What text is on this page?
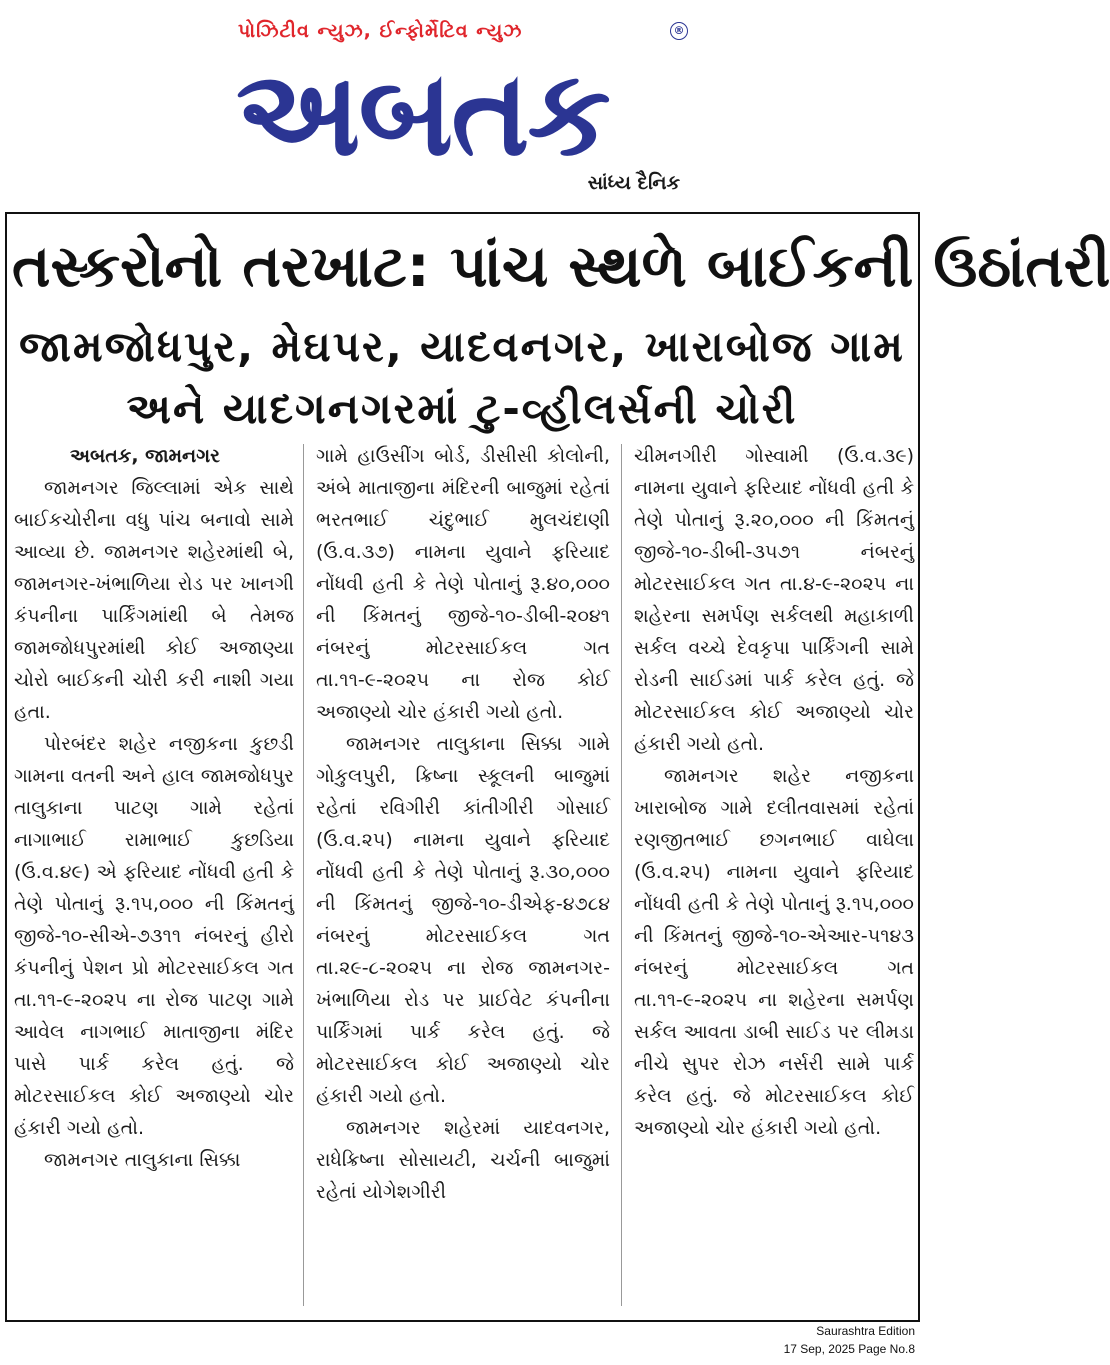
પોઝિટીવ ન્યુઝ, ઈન્ફોર્મેટિવ ન્યુઝ
અબતક
®
સાંધ્ય દૈનિક
તસ્કરોનો તરખાટ: પાંચ સ્થળે બાઈકની ઉઠાંતરી
જામજોધપુર, મેઘપર, યાદવનગર, ખારાબોજ ગામ
અને યાદગનગરમાં ટુ-વ્હીલર્સની ચોરી
અબતક, જામનગર

જામનગર જિલ્લામાં એક સાથે બાઈકચોરીના વધુ પાંચ બનાવો સામે આવ્યા છે. જામનગર શહેરમાંથી બે, જામનગર-ખંભાળિયા રોડ પર ખાનગી કંપનીના પાર્કિંગમાંથી બે તેમજ જામજોધપુરમાંથી કોઈ અજાણ્યા ચોરો બાઈકની ચોરી કરી નાશી ગયા હતા.

પોરબંદર શહેર નજીકના કુછડી ગામના વતની અને હાલ જામજોધપુર તાલુકાના પાટણ ગામે રહેતાં નાગાભાઈ રામાભાઈ કુછડિયા (ઉ.વ.૪૯) એ ફરિયાદ નોંધવી હતી કે તેણે પોતાનું રૂ.૧૫,૦૦૦ ની કિંમતનું જીજે-૧૦-સીએ-૭૩૧૧ નંબરનું હીરો કંપનીનું પેશન પ્રો મોટરસાઈકલ ગત તા.૧૧-૯-૨૦૨૫ ના રોજ પાટણ ગામે આવેલ નાગભાઈ માતાજીના મંદિર પાસે પાર્ક કરેલ હતું. જે મોટરસાઈકલ કોઈ અજાણ્યો ચોર હંકારી ગયો હતો.

જામનગર તાલુકાના સિક્કા

ગામે હાઉસીંગ બોર્ડ, ડીસીસી કોલોની, અંબે માતાજીના મંદિરની બાજુમાં રહેતાં ભરતભાઈ ચંદુભાઈ મુલચંદાણી (ઉ.વ.૩૭) નામના યુવાને ફરિયાદ નોંધવી હતી કે તેણે પોતાનું રૂ.૪૦,૦૦૦ ની કિંમતનું જીજે-૧૦-ડીબી-૨૦૪૧ નંબરનું મોટરસાઈકલ ગત તા.૧૧-૯-૨૦૨૫ ના રોજ કોઈ અજાણ્યો ચોર હંકારી ગયો હતો.

જામનગર તાલુકાના સિક્કા ગામે ગોકુલપુરી, ક્રિષ્ના સ્કૂલની બાજુમાં રહેતાં રવિગીરી કાંતીગીરી ગોસાઈ (ઉ.વ.૨૫) નામના યુવાને ફરિયાદ નોંધવી હતી કે તેણે પોતાનું રૂ.૩૦,૦૦૦ ની કિંમતનું જીજે-૧૦-ડીએફ-૪૭૮૪ નંબરનું મોટરસાઈકલ ગત તા.૨૯-૮-૨૦૨૫ ના રોજ જામનગર-ખંભાળિયા રોડ પર પ્રાઈવેટ કંપનીના પાર્કિંગમાં પાર્ક કરેલ હતું. જે મોટરસાઈકલ કોઈ અજાણ્યો ચોર હંકારી ગયો હતો.

જામનગર શહેરમાં યાદવનગર, રાધેક્રિષ્ના સોસાયટી, ચર્ચની બાજુમાં રહેતાં યોગેશગીરી

ચીમનગીરી ગોસ્વામી (ઉ.વ.૩૯) નામના યુવાને ફરિયાદ નોંધવી હતી કે તેણે પોતાનું રૂ.૨૦,૦૦૦ ની કિંમતનું જીજે-૧૦-ડીબી-૩૫૭૧ નંબરનું મોટરસાઈકલ ગત તા.૪-૯-૨૦૨૫ ના શહેરના સમર્પણ સર્કલથી મહાકાળી સર્કલ વચ્ચે દેવકૃપા પાર્કિંગની સામે રોડની સાઈડમાં પાર્ક કરેલ હતું. જે મોટરસાઈકલ કોઈ અજાણ્યો ચોર હંકારી ગયો હતો.

જામનગર શહેર નજીકના ખારાબોજ ગામે દલીતવાસમાં રહેતાં રણજીતભાઈ છગનભાઈ વાઘેલા (ઉ.વ.૨૫) નામના યુવાને ફરિયાદ નોંધવી હતી કે તેણે પોતાનું રૂ.૧૫,૦૦૦ ની કિંમતનું જીજે-૧૦-એઆર-૫૧૪૩ નંબરનું મોટરસાઈકલ ગત તા.૧૧-૯-૨૦૨૫ ના શહેરના સમર્પણ સર્કલ આવતા ડાબી સાઈડ પર લીમડા નીચે સુપર રોઝ નર્સરી સામે પાર્ક કરેલ હતું. જે મોટરસાઈકલ કોઈ અજાણ્યો ચોર હંકારી ગયો હતો.

Saurashtra Edition
17 Sep, 2025 Page No.8
